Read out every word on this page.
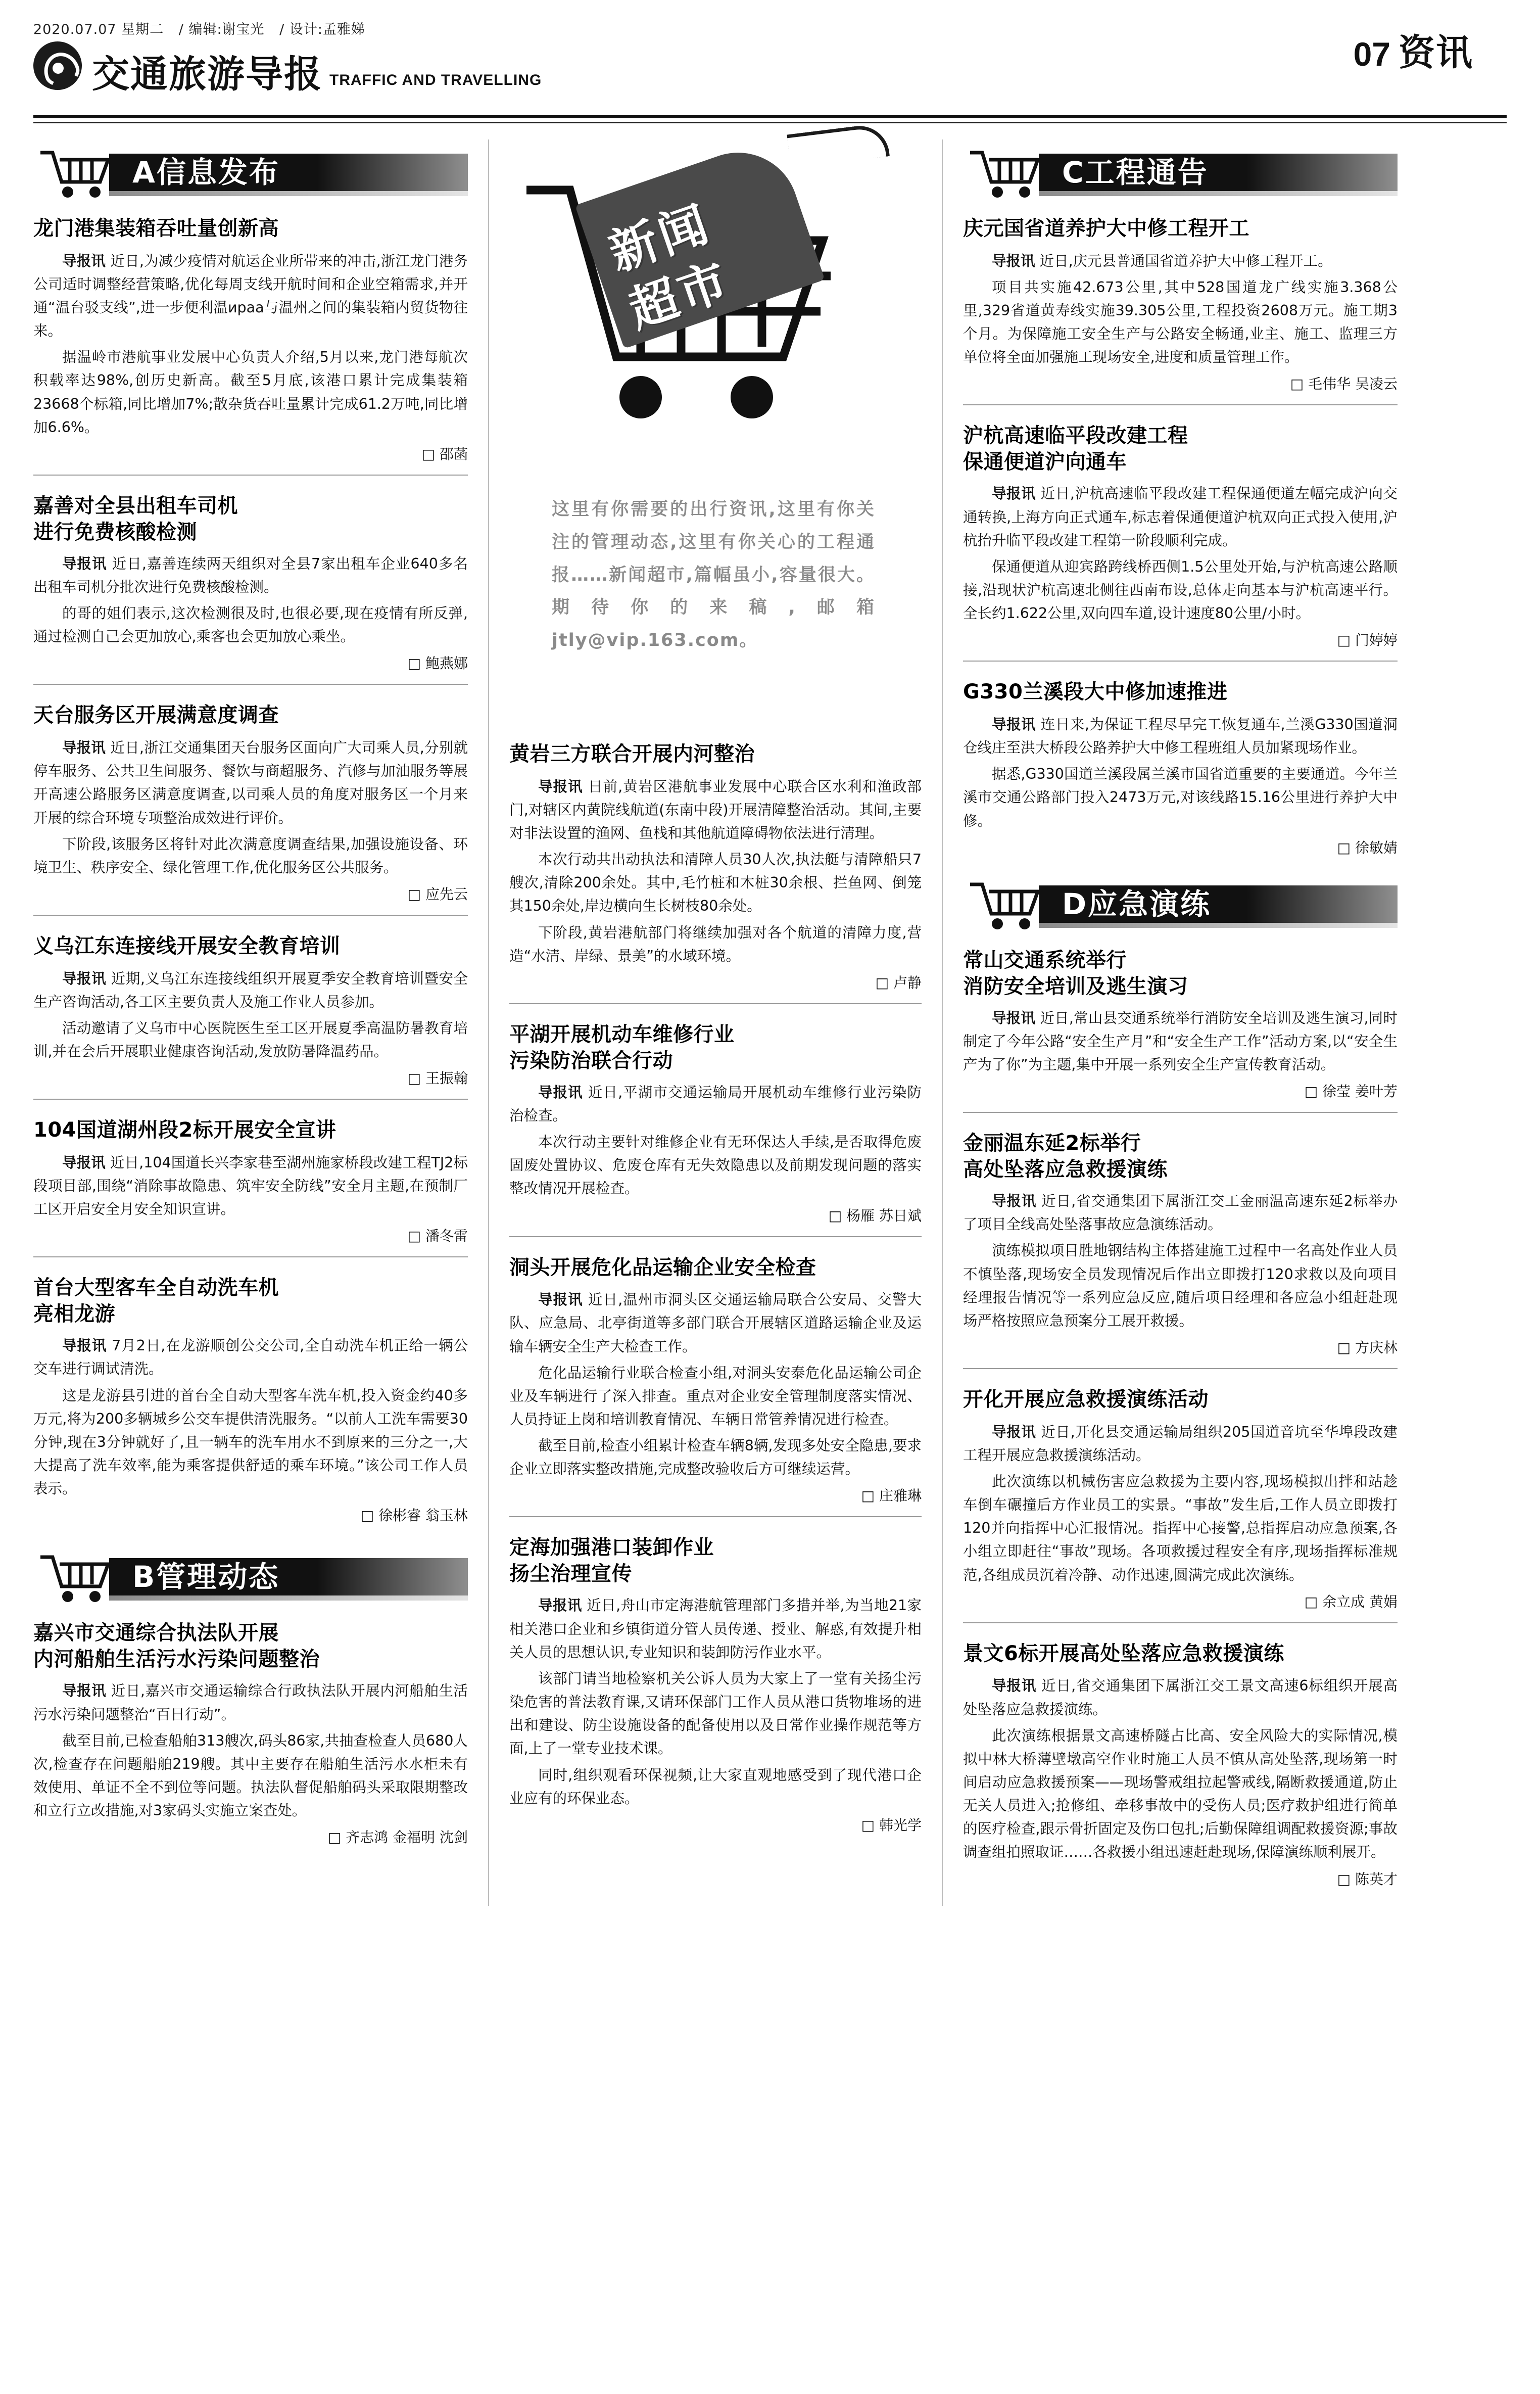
2020.07.07 星期二
/ 编辑:谢宝光
/ 设计:孟雅娣
交通旅游导报 TRAFFIC AND TRAVELLING
07 资讯
A信息发布
龙门港集装箱吞吐量创新高

导报讯 近日,为减少疫情对航运企业所带来的冲击,浙江龙门港务公司适时调整经营策略,优化每周支线开航时间和企业空箱需求,并开通“温台驳支线”,进一步便利温ираa与温州之间的集装箱内贸货物往来。

据温岭市港航事业发展中心负责人介绍,5月以来,龙门港每航次积载率达98%,创历史新高。截至5月底,该港口累计完成集装箱23668个标箱,同比增加7%;散杂货吞吐量累计完成61.2万吨,同比增加6.6%。

□ 邵菡

嘉善对全县出租车司机
进行免费核酸检测

导报讯 近日,嘉善连续两天组织对全县7家出租车企业640多名出租车司机分批次进行免费核酸检测。

的哥的姐们表示,这次检测很及时,也很必要,现在疫情有所反弹,通过检测自己会更加放心,乘客也会更加放心乘坐。

□ 鲍燕娜

天台服务区开展满意度调查

导报讯 近日,浙江交通集团天台服务区面向广大司乘人员,分别就停车服务、公共卫生间服务、餐饮与商超服务、汽修与加油服务等展开高速公路服务区满意度调查,以司乘人员的角度对服务区一个月来开展的综合环境专项整治成效进行评价。

下阶段,该服务区将针对此次满意度调查结果,加强设施设备、环境卫生、秩序安全、绿化管理工作,优化服务区公共服务。

□ 应先云

义乌江东连接线开展安全教育培训

导报讯 近期,义乌江东连接线组织开展夏季安全教育培训暨安全生产咨询活动,各工区主要负责人及施工作业人员参加。

活动邀请了义乌市中心医院医生至工区开展夏季高温防暑教育培训,并在会后开展职业健康咨询活动,发放防暑降温药品。

□ 王振翰

104国道湖州段2标开展安全宣讲

导报讯 近日,104国道长兴李家巷至湖州施家桥段改建工程TJ2标段项目部,围绕“消除事故隐患、筑牢安全防线”安全月主题,在预制厂工区开启安全月安全知识宣讲。

□ 潘冬雷

首台大型客车全自动洗车机
亮相龙游

导报讯 7月2日,在龙游顺创公交公司,全自动洗车机正给一辆公交车进行调试清洗。

这是龙游县引进的首台全自动大型客车洗车机,投入资金约40多万元,将为200多辆城乡公交车提供清洗服务。“以前人工洗车需要30分钟,现在3分钟就好了,且一辆车的洗车用水不到原来的三分之一,大大提高了洗车效率,能为乘客提供舒适的乘车环境。”该公司工作人员表示。

□ 徐彬睿 翁玉林

B管理动态
嘉兴市交通综合执法队开展
内河船舶生活污水污染问题整治

导报讯 近日,嘉兴市交通运输综合行政执法队开展内河船舶生活污水污染问题整治“百日行动”。

截至目前,已检查船舶313艘次,码头86家,共抽查检查人员680人次,检查存在问题船舶219艘。其中主要存在船舶生活污水水柜未有效使用、单证不全不到位等问题。执法队督促船舶码头采取限期整改和立行立改措施,对3家码头实施立案查处。

□ 齐志鸿 金福明 沈剑

新闻
超市
这里有你需要的出行资讯,这里有你关注的管理动态,这里有你关心的工程通报……新闻超市,篇幅虽小,容量很大。期待你的来稿,邮箱 jtly@vip.163.com。
黄岩三方联合开展内河整治

导报讯 日前,黄岩区港航事业发展中心联合区水利和渔政部门,对辖区内黄院线航道(东南中段)开展清障整治活动。其间,主要对非法设置的渔网、鱼栈和其他航道障碍物依法进行清理。

本次行动共出动执法和清障人员30人次,执法艇与清障船只7艘次,清除200余处。其中,毛竹桩和木桩30余根、拦鱼网、倒笼其150余处,岸边横向生长树枝80余处。

下阶段,黄岩港航部门将继续加强对各个航道的清障力度,营造“水清、岸绿、景美”的水域环境。

□ 卢静

平湖开展机动车维修行业
污染防治联合行动

导报讯 近日,平湖市交通运输局开展机动车维修行业污染防治检查。

本次行动主要针对维修企业有无环保达人手续,是否取得危废固废处置协议、危废仓库有无失效隐患以及前期发现问题的落实整改情况开展检查。

□ 杨雁 苏日斌

洞头开展危化品运输企业安全检查

导报讯 近日,温州市洞头区交通运输局联合公安局、交警大队、应急局、北亭街道等多部门联合开展辖区道路运输企业及运输车辆安全生产大检查工作。

危化品运输行业联合检查小组,对洞头安泰危化品运输公司企业及车辆进行了深入排查。重点对企业安全管理制度落实情况、人员持证上岗和培训教育情况、车辆日常管养情况进行检查。

截至目前,检查小组累计检查车辆8辆,发现多处安全隐患,要求企业立即落实整改措施,完成整改验收后方可继续运营。

□ 庄雅琳

定海加强港口装卸作业
扬尘治理宣传

导报讯 近日,舟山市定海港航管理部门多措并举,为当地21家相关港口企业和乡镇街道分管人员传递、授业、解惑,有效提升相关人员的思想认识,专业知识和装卸防污作业水平。

该部门请当地检察机关公诉人员为大家上了一堂有关扬尘污染危害的普法教育课,又请环保部门工作人员从港口货物堆场的进出和建设、防尘设施设备的配备使用以及日常作业操作规范等方面,上了一堂专业技术课。

同时,组织观看环保视频,让大家直观地感受到了现代港口企业应有的环保业态。

□ 韩光学

C工程通告
庆元国省道养护大中修工程开工

导报讯 近日,庆元县普通国省道养护大中修工程开工。

项目共实施42.673公里,其中528国道龙广线实施3.368公里,329省道黄寿线实施39.305公里,工程投资2608万元。施工期3个月。为保障施工安全生产与公路安全畅通,业主、施工、监理三方单位将全面加强施工现场安全,进度和质量管理工作。

□ 毛伟华 吴凌云

沪杭高速临平段改建工程
保通便道沪向通车

导报讯 近日,沪杭高速临平段改建工程保通便道左幅完成沪向交通转换,上海方向正式通车,标志着保通便道沪杭双向正式投入使用,沪杭抬升临平段改建工程第一阶段顺利完成。

保通便道从迎宾路跨线桥西侧1.5公里处开始,与沪杭高速公路顺接,沿现状沪杭高速北侧往西南布设,总体走向基本与沪杭高速平行。全长约1.622公里,双向四车道,设计速度80公里/小时。

□ 门婷婷

G330兰溪段大中修加速推进

导报讯 连日来,为保证工程尽早完工恢复通车,兰溪G330国道洞仓线庄至洪大桥段公路养护大中修工程班组人员加紧现场作业。

据悉,G330国道兰溪段属兰溪市国省道重要的主要通道。今年兰溪市交通公路部门投入2473万元,对该线路15.16公里进行养护大中修。

□ 徐敏婧

D应急演练
常山交通系统举行
消防安全培训及逃生演习

导报讯 近日,常山县交通系统举行消防安全培训及逃生演习,同时制定了今年公路“安全生产月”和“安全生产工作”活动方案,以“安全生产为了你”为主题,集中开展一系列安全生产宣传教育活动。

□ 徐莹 姜叶芳

金丽温东延2标举行
高处坠落应急救援演练

导报讯 近日,省交通集团下属浙江交工金丽温高速东延2标举办了项目全线高处坠落事故应急演练活动。

演练模拟项目胜地钢结构主体搭建施工过程中一名高处作业人员不慎坠落,现场安全员发现情况后作出立即拨打120求救以及向项目经理报告情况等一系列应急反应,随后项目经理和各应急小组赶赴现场严格按照应急预案分工展开救援。

□ 方庆林

开化开展应急救援演练活动

导报讯 近日,开化县交通运输局组织205国道音坑至华埠段改建工程开展应急救援演练活动。

此次演练以机械伤害应急救援为主要内容,现场模拟出拌和站趁车倒车碾撞后方作业员工的实景。“事故”发生后,工作人员立即拨打120并向指挥中心汇报情况。指挥中心接警,总指挥启动应急预案,各小组立即赶往“事故”现场。各项救援过程安全有序,现场指挥标准规范,各组成员沉着冷静、动作迅速,圆满完成此次演练。

□ 余立成 黄娟

景文6标开展高处坠落应急救援演练

导报讯 近日,省交通集团下属浙江交工景文高速6标组织开展高处坠落应急救援演练。

此次演练根据景文高速桥隧占比高、安全风险大的实际情况,模拟中林大桥薄壁墩高空作业时施工人员不慎从高处坠落,现场第一时间启动应急救援预案——现场警戒组拉起警戒线,隔断救援通道,防止无关人员进入;抢修组、牵移事故中的受伤人员;医疗救护组进行简单的医疗检查,跟示骨折固定及伤口包扎;后勤保障组调配救援资源;事故调查组拍照取证……各救援小组迅速赶赴现场,保障演练顺利展开。

□ 陈英才
